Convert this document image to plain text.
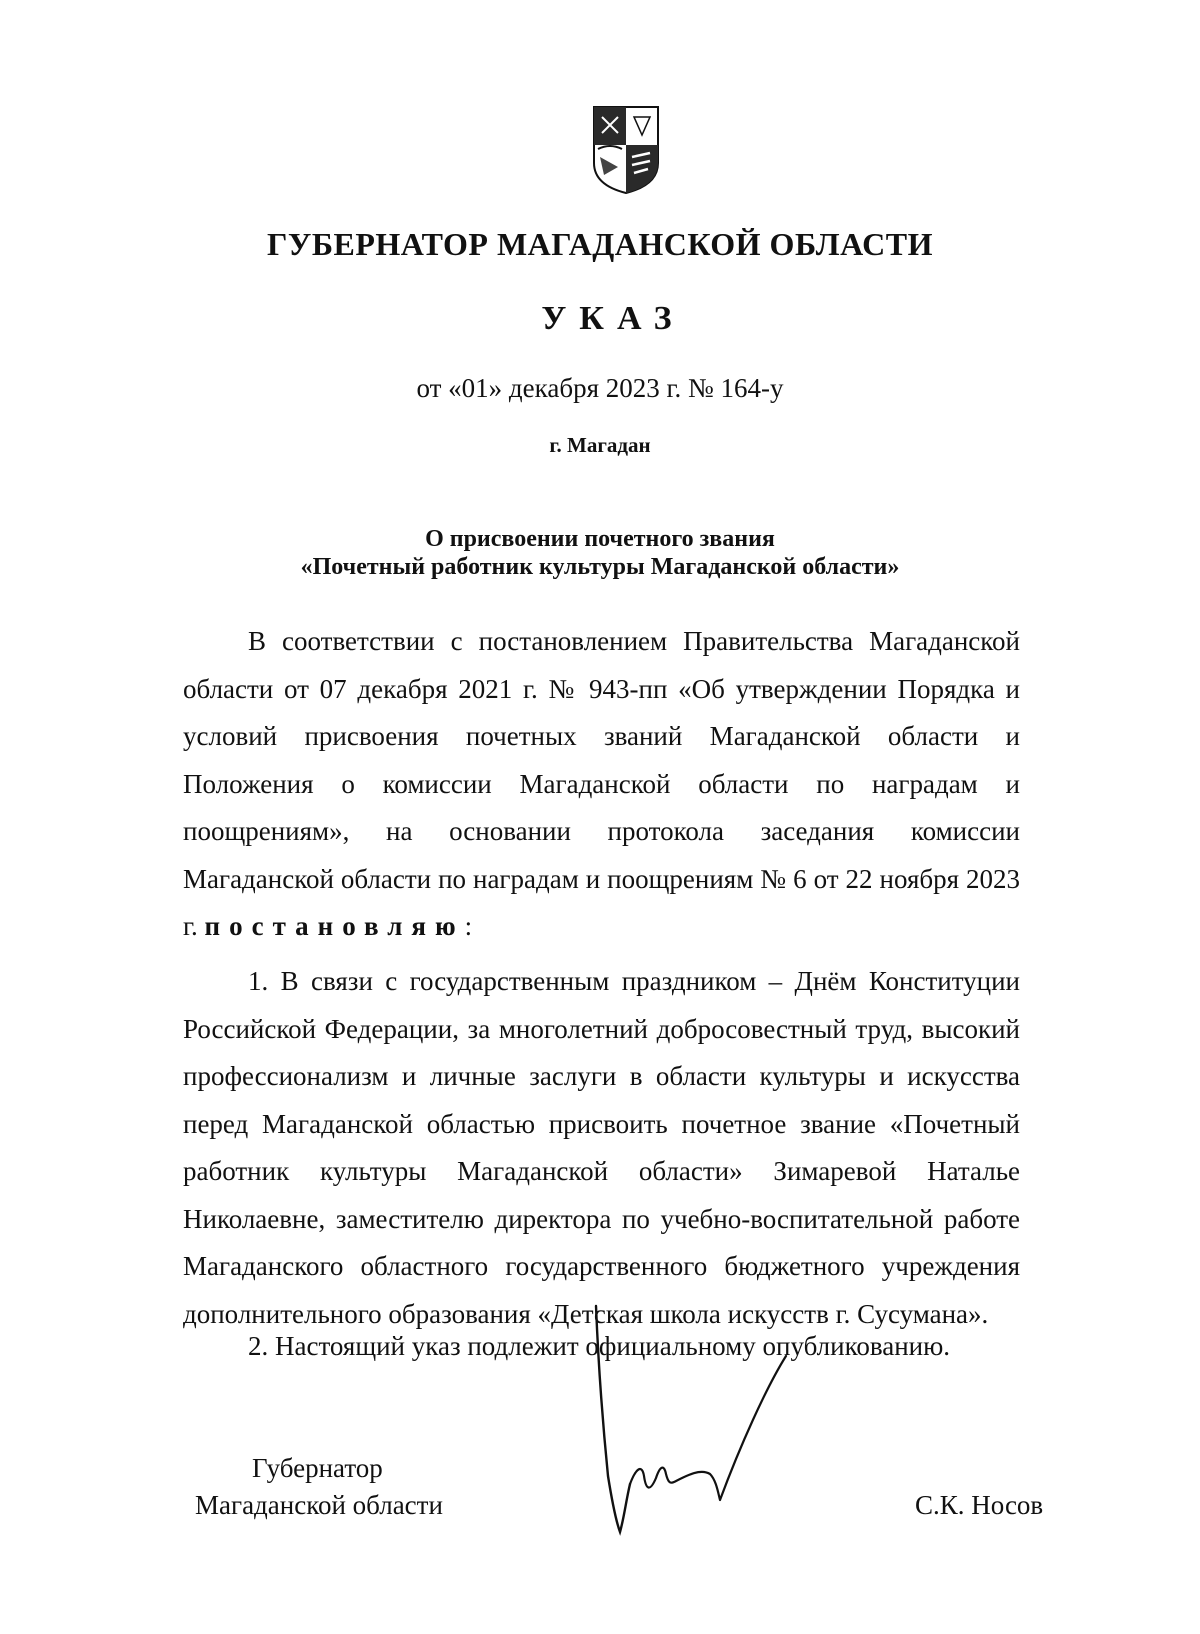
ГУБЕРНАТОР МАГАДАНСКОЙ ОБЛАСТИ
УКАЗ
от «01» декабря 2023 г. № 164-у
г. Магадан
О присвоении почетного звания
«Почетный работник культуры Магаданской области»
В соответствии с постановлением Правительства Магаданской области от 07 декабря 2021 г. № 943-пп «Об утверждении Порядка и условий присвоения почетных званий Магаданской области и Положения о комиссии Магаданской области по наградам и поощрениям», на основании протокола заседания комиссии Магаданской области по наградам и поощрениям № 6 от 22 ноября 2023 г. постановляю:
1. В связи с государственным праздником – Днём Конституции Российской Федерации, за многолетний добросовестный труд, высокий профессионализм и личные заслуги в области культуры и искусства перед Магаданской областью присвоить почетное звание «Почетный работник культуры Магаданской области» Зимаревой Наталье Николаевне, заместителю директора по учебно-воспитательной работе Магаданского областного государственного бюджетного учреждения дополнительного образования «Детская школа искусств г. Сусумана».
2. Настоящий указ подлежит официальному опубликованию.
Губернатор
Магаданской области	С.К. Носов
